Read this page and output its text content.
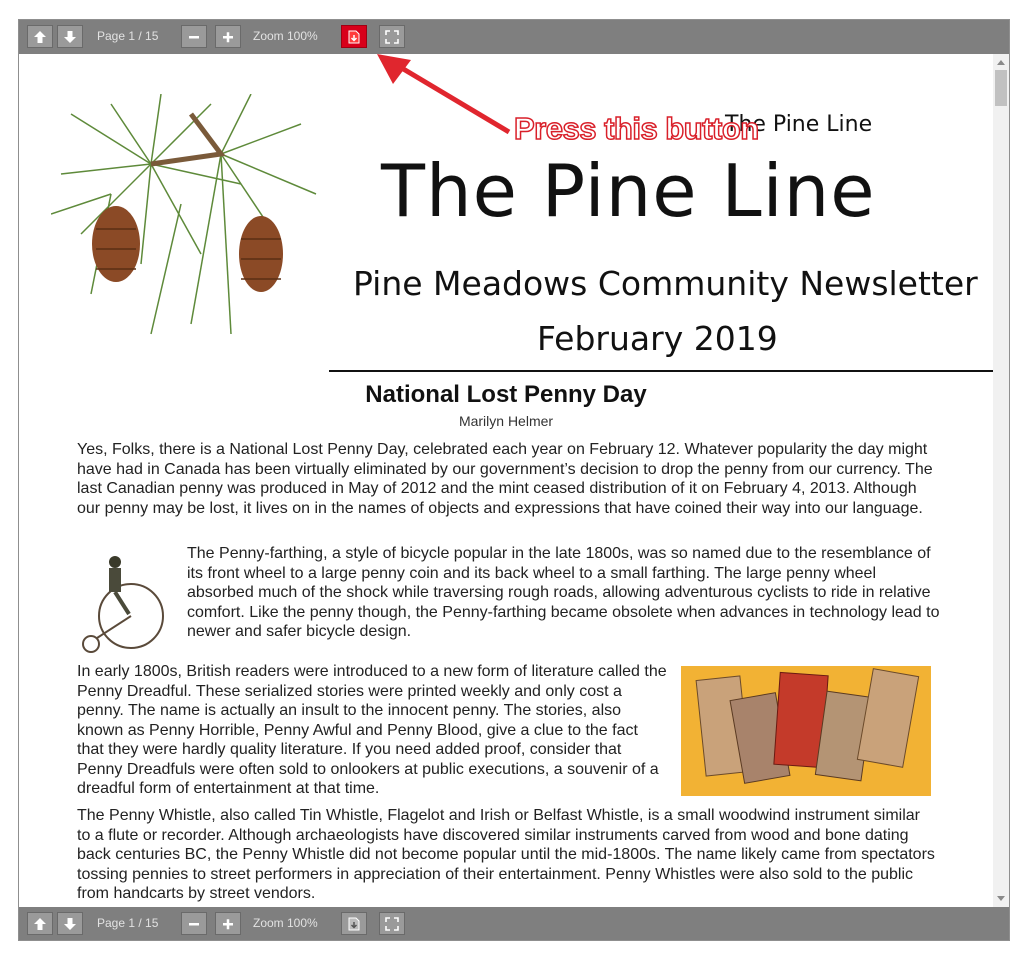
Page 1 / 15	Zoom 100%
The Pine Line
The Pine Line
Pine Meadows Community Newsletter
February 2019
National Lost Penny Day
Marilyn Helmer

Yes, Folks, there is a National Lost Penny Day, celebrated each year on February 12. Whatever popularity the day might have had in Canada has been virtually eliminated by our government’s decision to drop the penny from our currency. The last Canadian penny was produced in May of 2012 and the mint ceased distribution of it on February 4, 2013. Although our penny may be lost, it lives on in the names of objects and expressions that have coined their way into our language.

The Penny-farthing, a style of bicycle popular in the late 1800s, was so named due to the resemblance of its front wheel to a large penny coin and its back wheel to a small farthing. The large penny wheel absorbed much of the shock while traversing rough roads, allowing adventurous cyclists to ride in relative comfort. Like the penny though, the Penny-farthing became obsolete when advances in technology lead to newer and safer bicycle design.

In early 1800s, British readers were introduced to a new form of literature called the Penny Dreadful. These serialized stories were printed weekly and only cost a penny. The name is actually an insult to the innocent penny. The stories, also known as Penny Horrible, Penny Awful and Penny Blood, give a clue to the fact that they were hardly quality literature. If you need added proof, consider that Penny Dreadfuls were often sold to onlookers at public executions, a souvenir of a dreadful form of entertainment at that time.

The Penny Whistle, also called Tin Whistle, Flagelot and Irish or Belfast Whistle, is a small woodwind instrument similar to a flute or recorder. Although archaeologists have discovered similar instruments carved from wood and bone dating back centuries BC, the Penny Whistle did not become popular until the mid-1800s. The name likely came from spectators tossing pennies to street performers in appreciation of their entertainment. Penny Whistles were also sold to the public from handcarts by street vendors.

Press this button
Page 1 / 15	Zoom 100%
